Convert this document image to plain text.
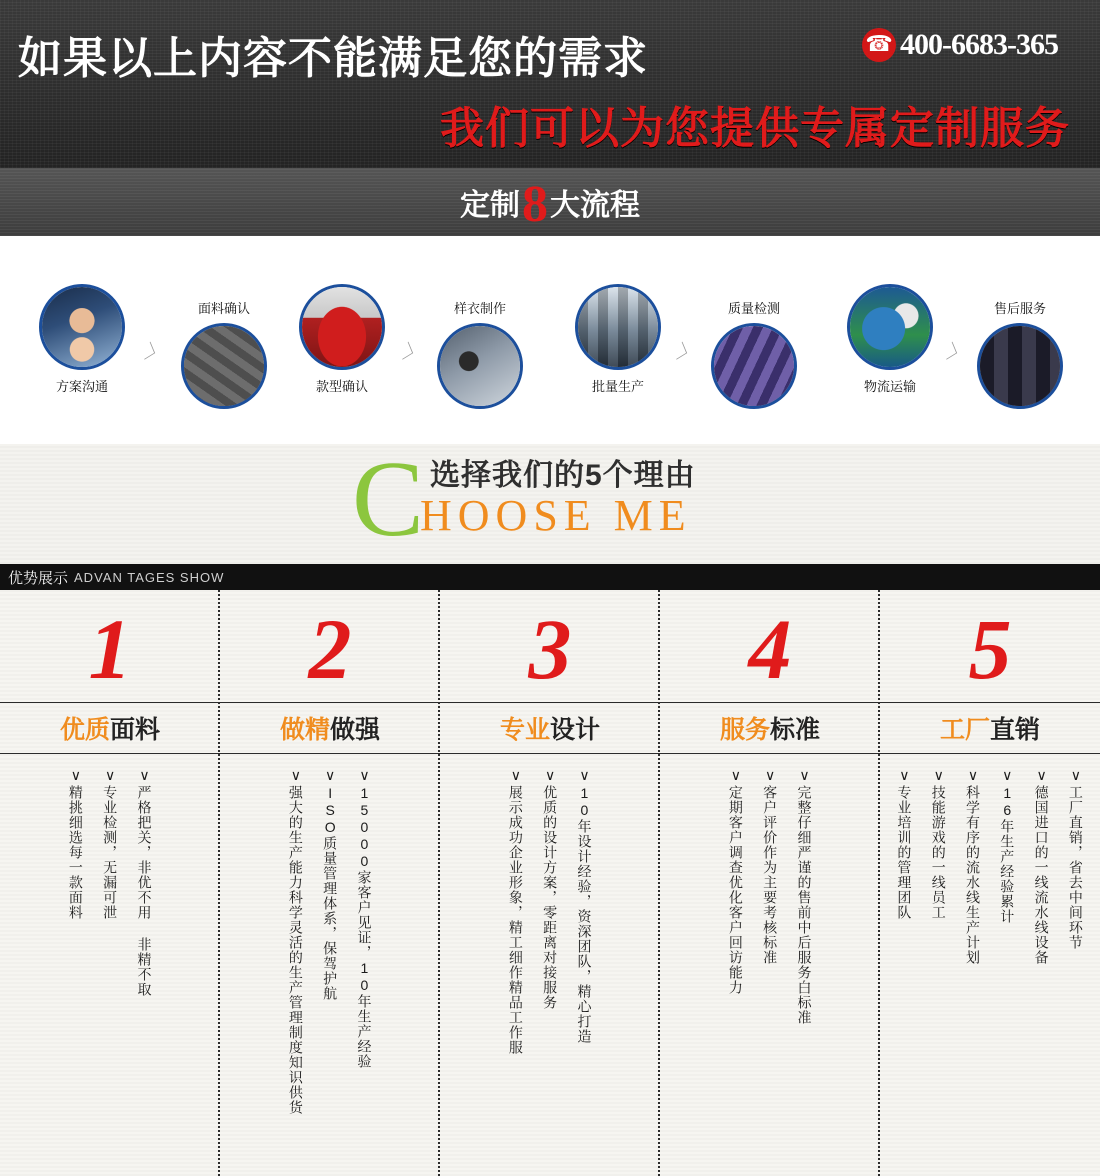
如果以上内容不能满足您的需求	☎ 400-6683-365
我们可以为您提供专属定制服务
定制 8 大流程
方案沟通
〉
面料确认
款型确认
〉
样衣制作
批量生产
〉
质量检测
物流运输
〉
售后服务
C 选择我们的5个理由
HOOSE ME
优势展示 ADVAN TAGES SHOW
1
优质面料
∨严格把关，非优不用 非精不取
∨专业检测，无漏可泄
∨精挑细选每一款面料
2
做精做强
∨15000家客户见证，10年生产经验
∨ISO质量管理体系，保驾护航
∨强大的生产能力科学灵活的生产管理制度知识供货
3
专业设计
∨10年设计经验，资深团队，精心打造
∨优质的设计方案，零距离对接服务
∨展示成功企业形象，精工细作精品工作服
4
服务标准
∨完整仔细严谨的售前中后服务白标准
∨客户评价作为主要考核标准
∨定期客户调查优化客户回访能力
5
工厂直销
∨工厂直销，省去中间环节
∨德国进口的一线流水线设备
∨16年生产经验累计
∨科学有序的流水线生产计划
∨技能游戏的一线员工
∨专业培训的管理团队
